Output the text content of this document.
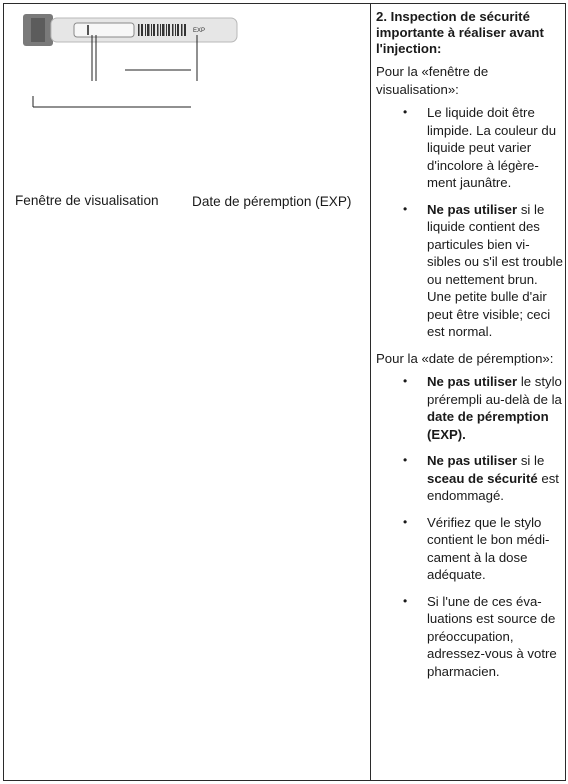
EXP
Fenêtre de visualisation Date de péremption (EXP)

2. Inspection de sécurité importante à réaliser avant l'injection:

Pour la «fenêtre de visualisation»:

• Le liquide doit être limpide. La couleur du liquide peut varier d'incolore à légère-ment jaunâtre.
• Ne pas utiliser si le liquide contient des particules bien vi-sibles ou s'il est trouble ou nettement brun. Une petite bulle d'air peut être visible; ceci est normal.

Pour la «date de péremption»:

• Ne pas utiliser le stylo prérempli au-delà de la date de péremption (EXP).
• Ne pas utiliser si le sceau de sécurité est endommagé.
• Vérifiez que le stylo contient le bon médi-cament à la dose adéquate.
• Si l'une de ces éva-luations est source de préoccupation, adressez-vous à votre pharmacien.
